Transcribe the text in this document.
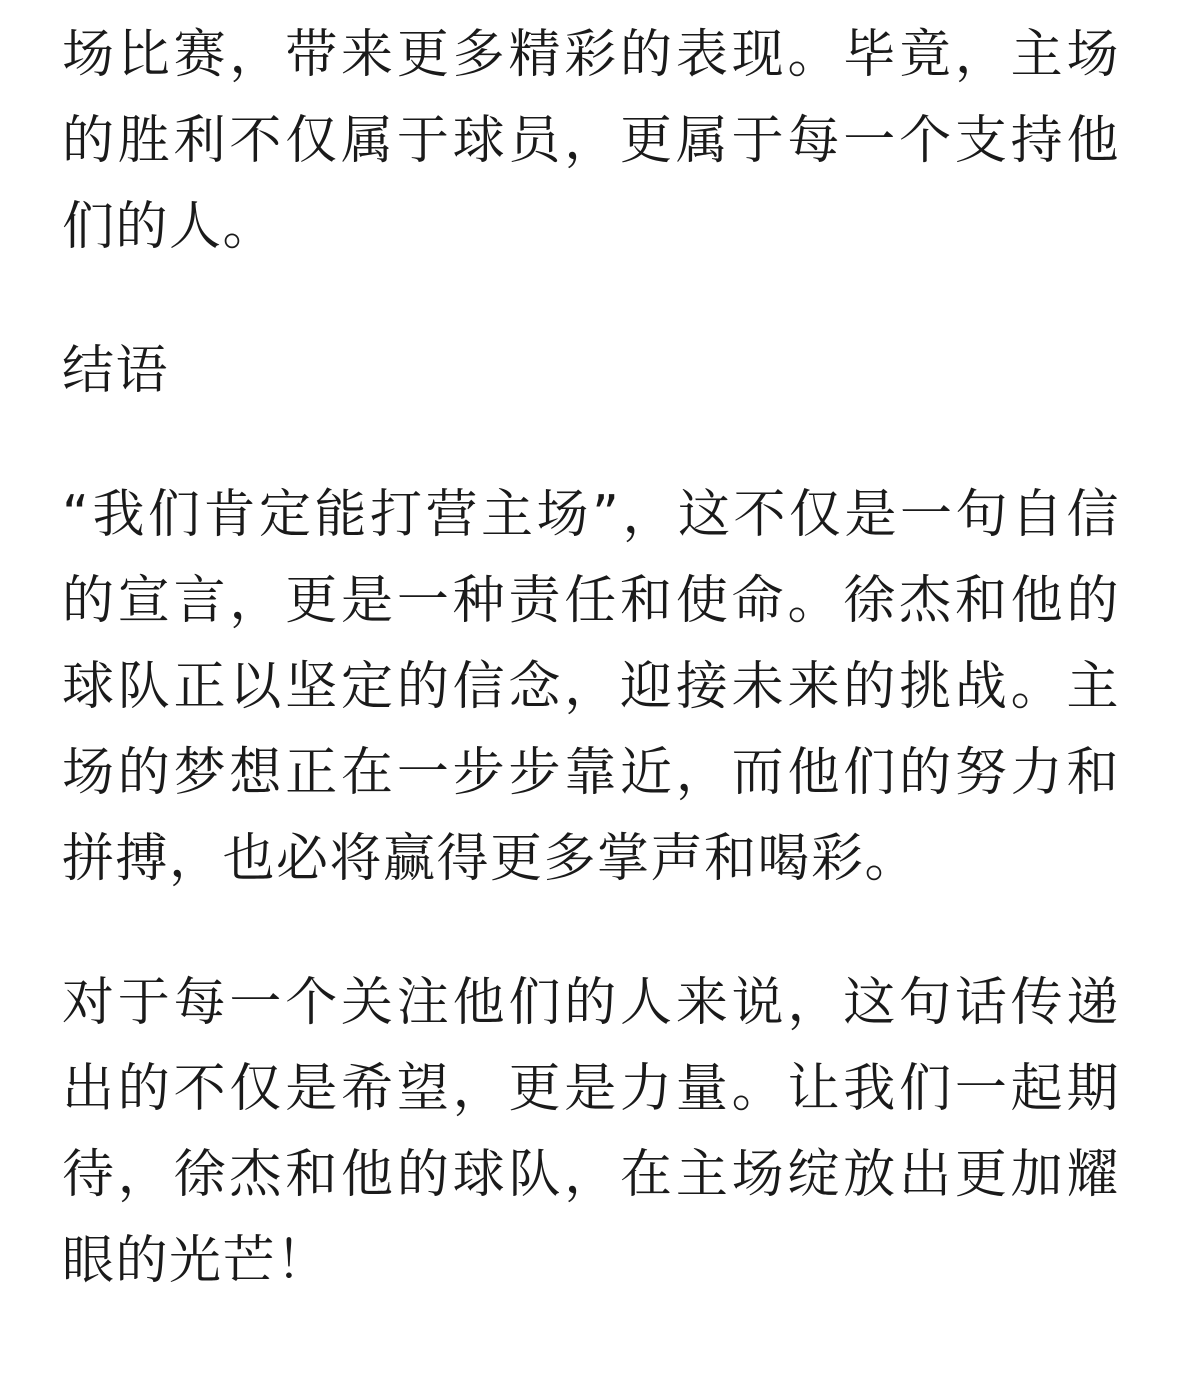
场比赛，带来更多精彩的表现。毕竟，主场的胜利不仅属于球员，更属于每一个支持他们的人。

结语

“我们肯定能打营主场”，这不仅是一句自信的宣言，更是一种责任和使命。徐杰和他的球队正以坚定的信念，迎接未来的挑战。主场的梦想正在一步步靠近，而他们的努力和拼搏，也必将赢得更多掌声和喝彩。

对于每一个关注他们的人来说，这句话传递出的不仅是希望，更是力量。让我们一起期待，徐杰和他的球队，在主场绽放出更加耀眼的光芒！
